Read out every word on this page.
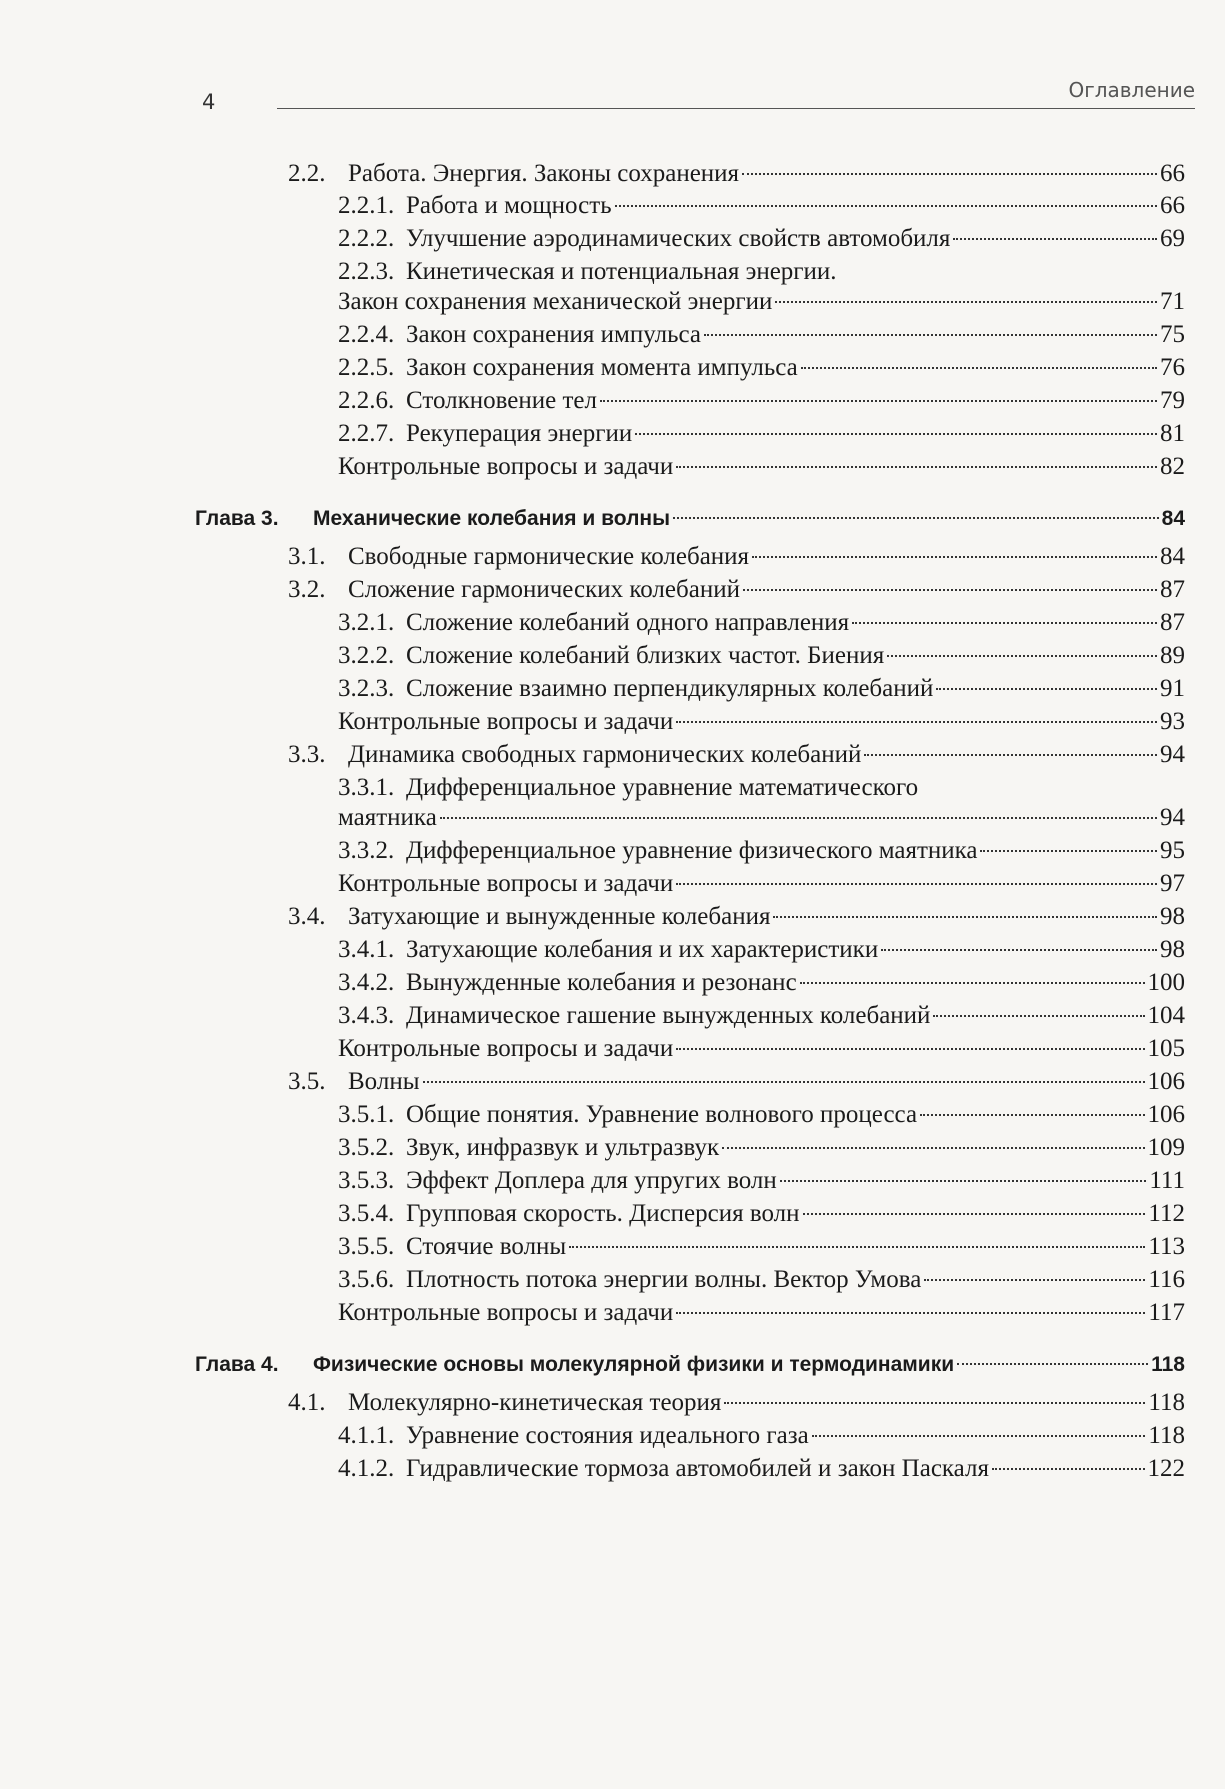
4	Оглавление
2.2. Работа. Энергия. Законы сохранения	66
2.2.1. Работа и мощность	66
2.2.2. Улучшение аэродинамических свойств автомобиля	69
2.2.3. Кинетическая и потенциальная энергии.
Закон сохранения механической энергии	71
2.2.4. Закон сохранения импульса	75
2.2.5. Закон сохранения момента импульса	76
2.2.6. Столкновение тел	79
2.2.7. Рекуперация энергии	81
Контрольные вопросы и задачи	82
Глава 3.	Механические колебания и волны	84
3.1. Свободные гармонические колебания	84
3.2. Сложение гармонических колебаний	87
3.2.1. Сложение колебаний одного направления	87
3.2.2. Сложение колебаний близких частот. Биения	89
3.2.3. Сложение взаимно перпендикулярных колебаний	91
Контрольные вопросы и задачи	93
3.3. Динамика свободных гармонических колебаний	94
3.3.1. Дифференциальное уравнение математического
маятника	94
3.3.2. Дифференциальное уравнение физического маятника	95
Контрольные вопросы и задачи	97
3.4. Затухающие и вынужденные колебания	98
3.4.1. Затухающие колебания и их характеристики	98
3.4.2. Вынужденные колебания и резонанс	100
3.4.3. Динамическое гашение вынужденных колебаний	104
Контрольные вопросы и задачи	105
3.5. Волны	106
3.5.1. Общие понятия. Уравнение волнового процесса	106
3.5.2. Звук, инфразвук и ультразвук	109
3.5.3. Эффект Доплера для упругих волн	111
3.5.4. Групповая скорость. Дисперсия волн	112
3.5.5. Стоячие волны	113
3.5.6. Плотность потока энергии волны. Вектор Умова	116
Контрольные вопросы и задачи	117
Глава 4.	Физические основы молекулярной физики и термодинамики	118
4.1. Молекулярно-кинетическая теория	118
4.1.1. Уравнение состояния идеального газа	118
4.1.2. Гидравлические тормоза автомобилей и закон Паскаля	122
